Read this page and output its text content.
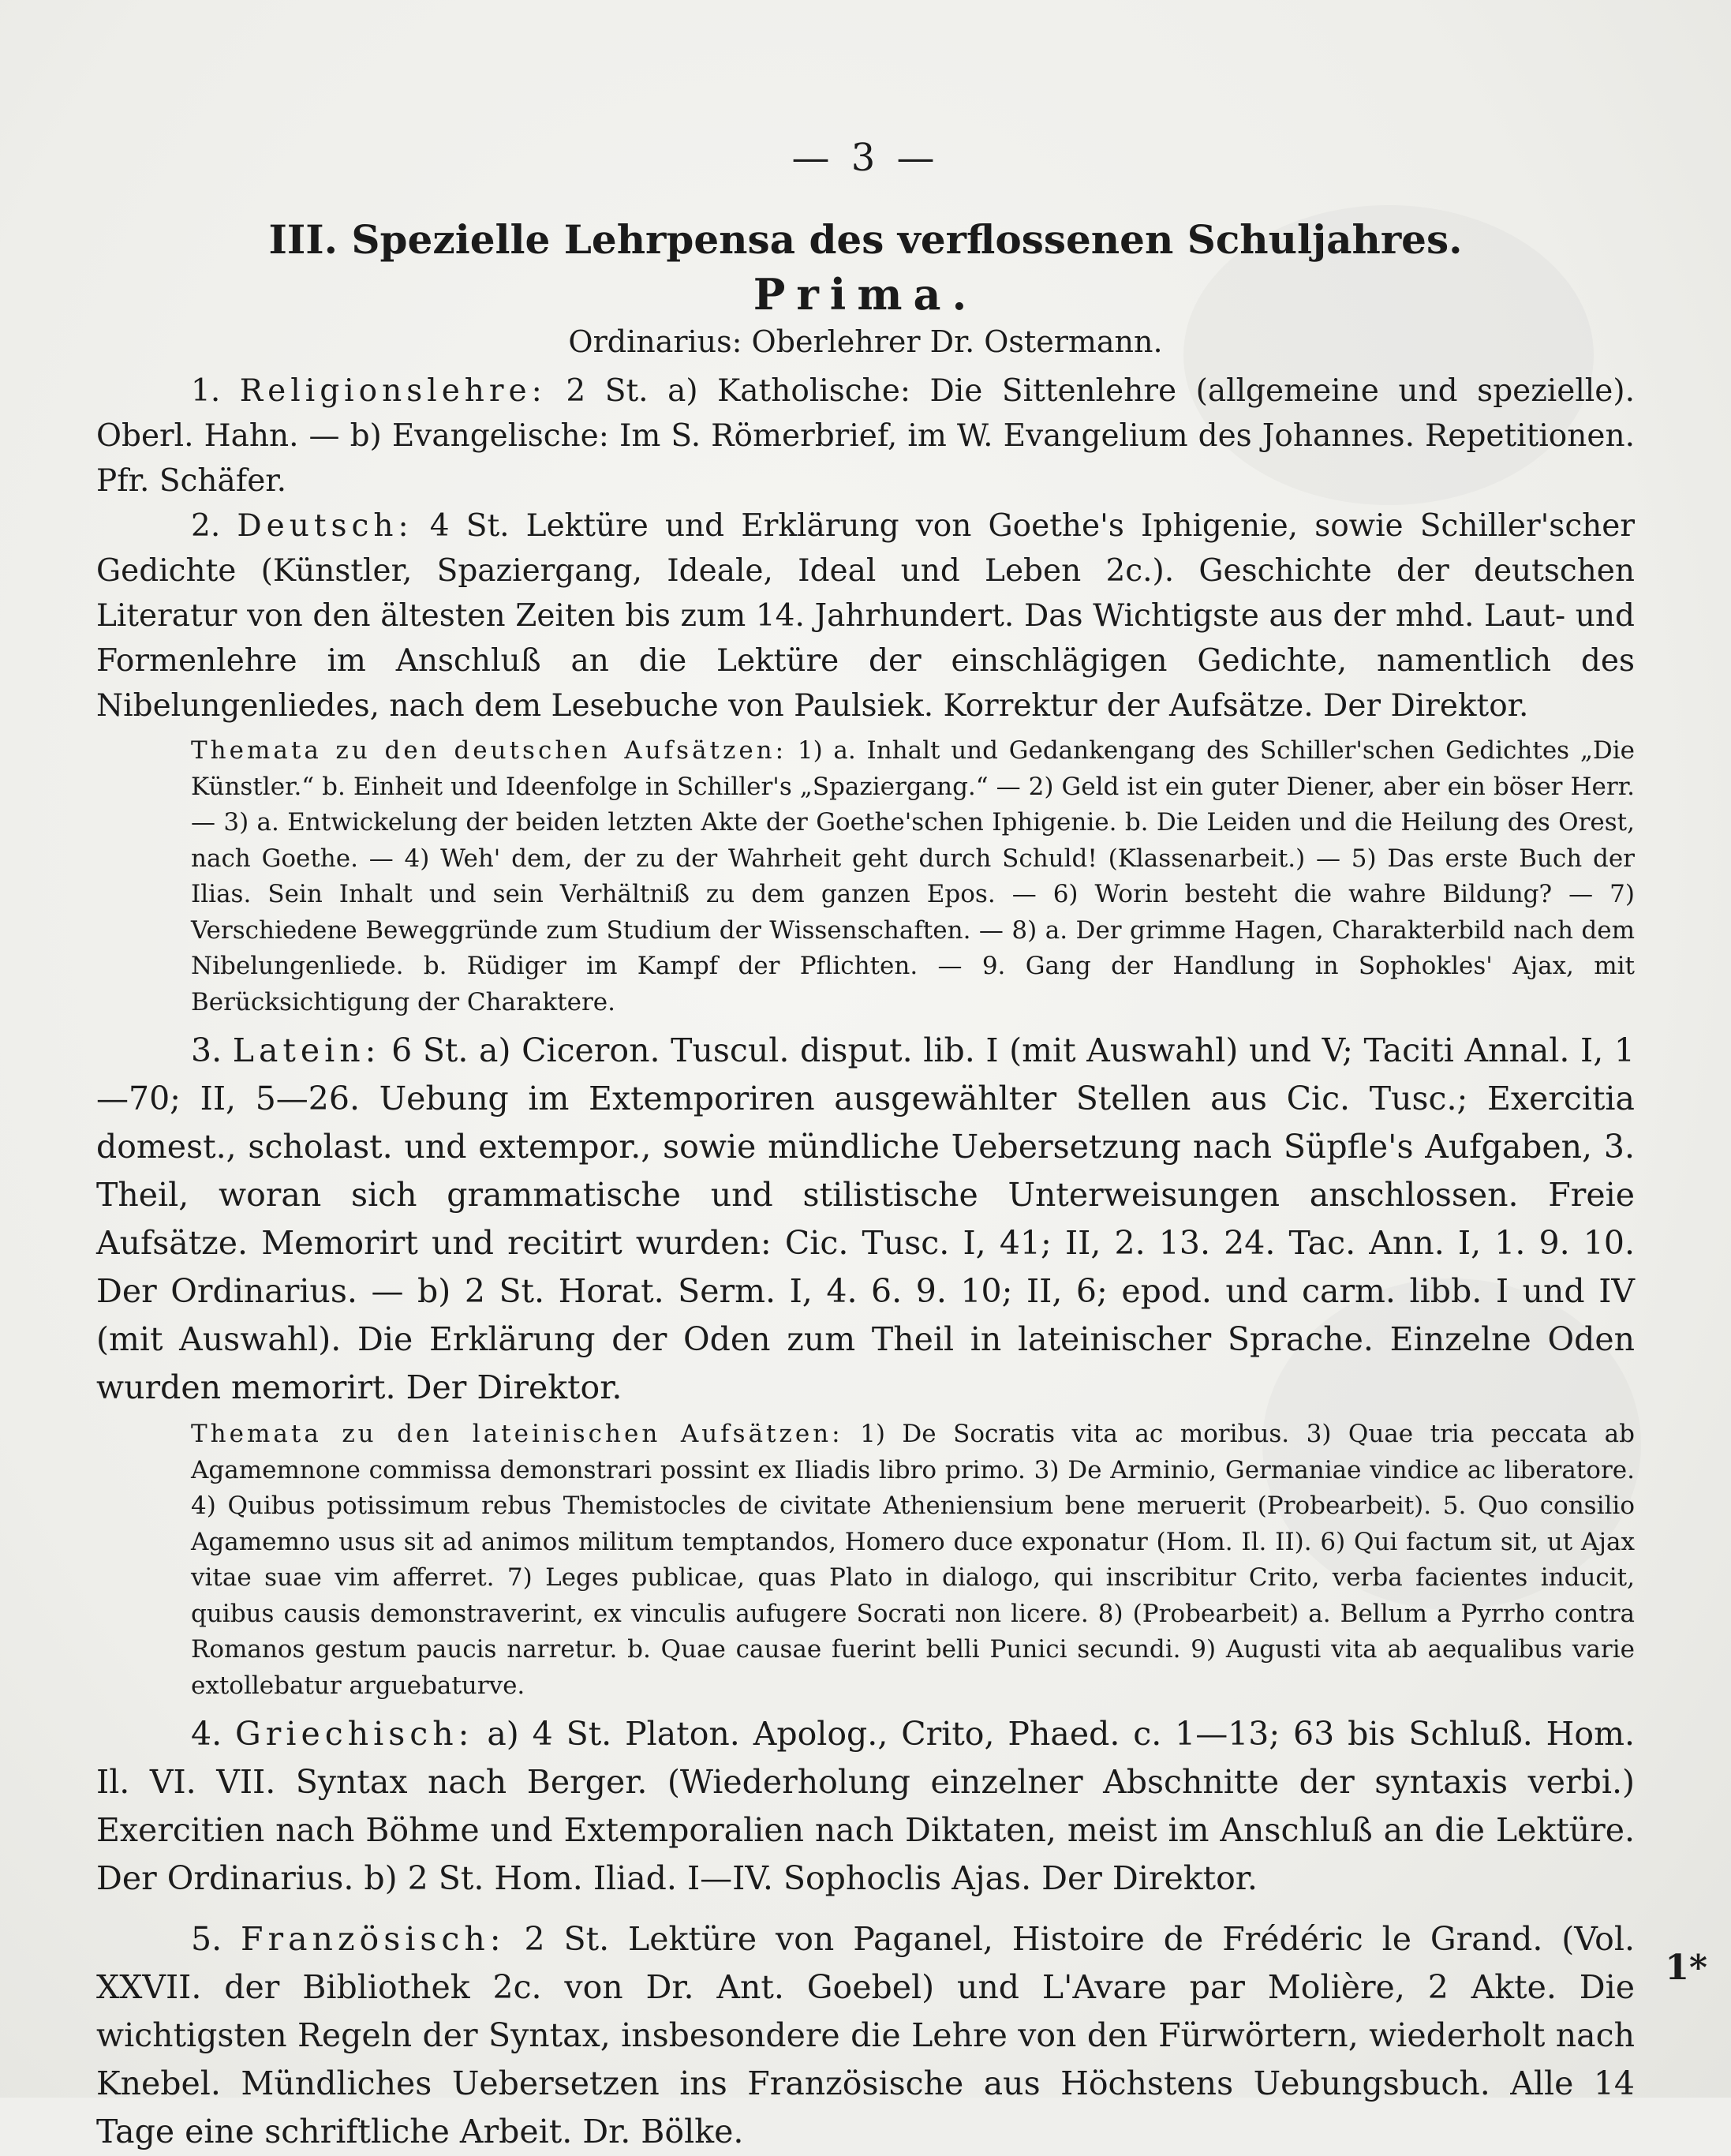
— 3 —
III. Spezielle Lehrpensa des verflossenen Schuljahres.
Prima.
Ordinarius: Oberlehrer Dr. Ostermann.

1. Religionslehre: 2 St. a) Katholische: Die Sittenlehre (allgemeine und spezielle). Oberl. Hahn. — b) Evangelische: Im S. Römerbrief, im W. Evangelium des Johannes. Repetitionen. Pfr. Schäfer.

2. Deutsch: 4 St. Lektüre und Erklärung von Goethe's Iphigenie, sowie Schiller'scher Gedichte (Künstler, Spaziergang, Ideale, Ideal und Leben 2c.). Geschichte der deutschen Literatur von den ältesten Zeiten bis zum 14. Jahrhundert. Das Wichtigste aus der mhd. Laut- und Formenlehre im Anschluß an die Lektüre der einschlägigen Gedichte, namentlich des Nibelungenliedes, nach dem Lesebuche von Paulsiek. Korrektur der Aufsätze. Der Direktor.

Themata zu den deutschen Aufsätzen: 1) a. Inhalt und Gedankengang des Schiller'schen Gedichtes „Die Künstler.“ b. Einheit und Ideenfolge in Schiller's „Spaziergang.“ — 2) Geld ist ein guter Diener, aber ein böser Herr. — 3) a. Entwickelung der beiden letzten Akte der Goethe'schen Iphigenie. b. Die Leiden und die Heilung des Orest, nach Goethe. — 4) Weh' dem, der zu der Wahrheit geht durch Schuld! (Klassenarbeit.) — 5) Das erste Buch der Ilias. Sein Inhalt und sein Verhältniß zu dem ganzen Epos. — 6) Worin besteht die wahre Bildung? — 7) Verschiedene Beweggründe zum Studium der Wissenschaften. — 8) a. Der grimme Hagen, Charakterbild nach dem Nibelungenliede. b. Rüdiger im Kampf der Pflichten. — 9. Gang der Handlung in Sophokles' Ajax, mit Berücksichtigung der Charaktere.

3. Latein: 6 St. a) Ciceron. Tuscul. disput. lib. I (mit Auswahl) und V; Taciti Annal. I, 1—70; II, 5—26. Uebung im Extemporiren ausgewählter Stellen aus Cic. Tusc.; Exercitia domest., scholast. und extempor., sowie mündliche Uebersetzung nach Süpfle's Aufgaben, 3. Theil, woran sich grammatische und stilistische Unterweisungen anschlossen. Freie Aufsätze. Memorirt und recitirt wurden: Cic. Tusc. I, 41; II, 2. 13. 24. Tac. Ann. I, 1. 9. 10. Der Ordinarius. — b) 2 St. Horat. Serm. I, 4. 6. 9. 10; II, 6; epod. und carm. libb. I und IV (mit Auswahl). Die Erklärung der Oden zum Theil in lateinischer Sprache. Einzelne Oden wurden memorirt. Der Direktor.

Themata zu den lateinischen Aufsätzen: 1) De Socratis vita ac moribus. 3) Quae tria peccata ab Agamemnone commissa demonstrari possint ex Iliadis libro primo. 3) De Arminio, Germaniae vindice ac liberatore. 4) Quibus potissimum rebus Themistocles de civitate Atheniensium bene meruerit (Probearbeit). 5. Quo consilio Agamemno usus sit ad animos militum temptandos, Homero duce exponatur (Hom. Il. II). 6) Qui factum sit, ut Ajax vitae suae vim afferret. 7) Leges publicae, quas Plato in dialogo, qui inscribitur Crito, verba facientes inducit, quibus causis demonstraverint, ex vinculis aufugere Socrati non licere. 8) (Probearbeit) a. Bellum a Pyrrho contra Romanos gestum paucis narretur. b. Quae causae fuerint belli Punici secundi. 9) Augusti vita ab aequalibus varie extollebatur arguebaturve.

4. Griechisch: a) 4 St. Platon. Apolog., Crito, Phaed. c. 1—13; 63 bis Schluß. Hom. Il. VI. VII. Syntax nach Berger. (Wiederholung einzelner Abschnitte der syntaxis verbi.) Exercitien nach Böhme und Extemporalien nach Diktaten, meist im Anschluß an die Lektüre. Der Ordinarius. b) 2 St. Hom. Iliad. I—IV. Sophoclis Ajas. Der Direktor.

5. Französisch: 2 St. Lektüre von Paganel, Histoire de Frédéric le Grand. (Vol. XXVII. der Bibliothek 2c. von Dr. Ant. Goebel) und L'Avare par Molière, 2 Akte. Die wichtigsten Regeln der Syntax, insbesondere die Lehre von den Fürwörtern, wiederholt nach Knebel. Mündliches Uebersetzen ins Französische aus Höchstens Uebungsbuch. Alle 14 Tage eine schriftliche Arbeit. Dr. Bölke.

1*
